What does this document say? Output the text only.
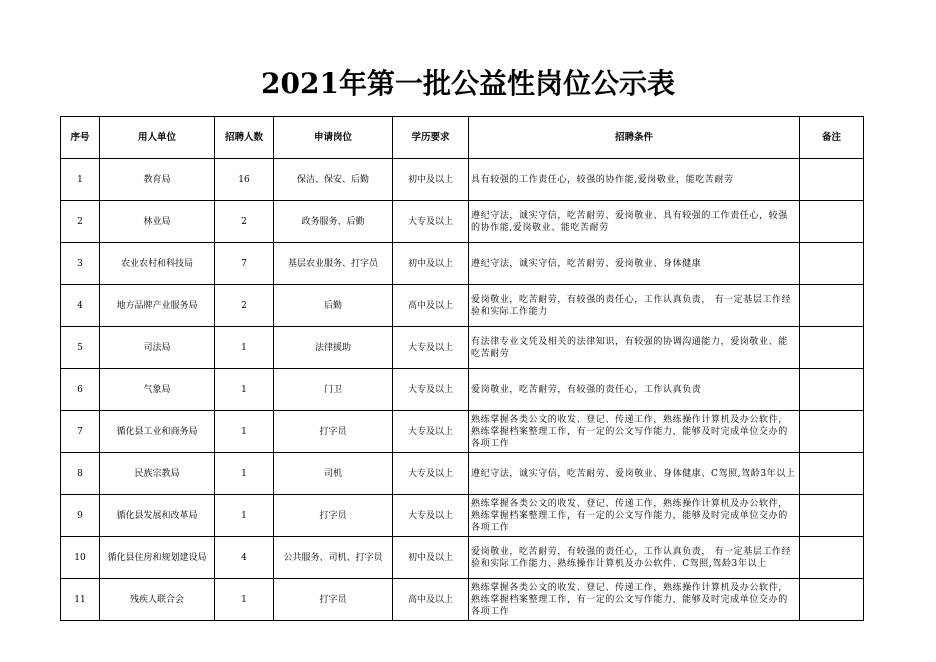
2021年第一批公益性岗位公示表
序号	用人单位	招聘人数	申请岗位	学历要求	招聘条件	备注
1	教育局	16	保洁、保安、后勤	初中及以上	具有较强的工作责任心，较强的协作能,爱岗敬业，能吃苦耐劳	
2	林业局	2	政务服务、后勤	大专及以上	遵纪守法，诚实守信，吃苦耐劳、爱岗敬业、具有较强的工作责任心，较强的协作能,爱岗敬业、能吃苦耐劳	
3	农业农村和科技局	7	基层农业服务、打字员	初中及以上	遵纪守法，诚实守信，吃苦耐劳、爱岗敬业、身体健康	
4	地方品牌产业服务局	2	后勤	高中及以上	爱岗敬业，吃苦耐劳，有较强的责任心，工作认真负责， 有一定基层工作经验和实际工作能力	
5	司法局	1	法律援助	大专及以上	有法律专业文凭及相关的法律知识，有较强的协调沟通能力，爱岗敬业、能吃苦耐劳	
6	气象局	1	门卫	大专及以上	爱岗敬业，吃苦耐劳，有较强的责任心，工作认真负责	
7	循化县工业和商务局	1	打字员	大专及以上	熟练掌握各类公文的收发、登记、传递工作，熟练操作计算机及办公软件，熟练掌握档案整理工作，有一定的公文写作能力，能够及时完成单位交办的各项工作	
8	民族宗教局	1	司机	大专及以上	遵纪守法，诚实守信，吃苦耐劳、爱岗敬业、身体健康、C驾照,驾龄3年以上	
9	循化县发展和改革局	1	打字员	大专及以上	熟练掌握各类公文的收发、登记、传递工作，熟练操作计算机及办公软件，熟练掌握档案整理工作，有一定的公文写作能力，能够及时完成单位交办的各项工作	
10	循化县住房和规划建设局	4	公共服务、司机、打字员	初中及以上	爱岗敬业，吃苦耐劳，有较强的责任心，工作认真负责， 有一定基层工作经验和实际工作能力、熟练操作计算机及办公软件、C驾照,驾龄3年以上	
11	残疾人联合会	1	打字员	高中及以上	熟练掌握各类公文的收发、登记、传递工作，熟练操作计算机及办公软件，熟练掌握档案整理工作，有一定的公文写作能力，能够及时完成单位交办的各项工作	
